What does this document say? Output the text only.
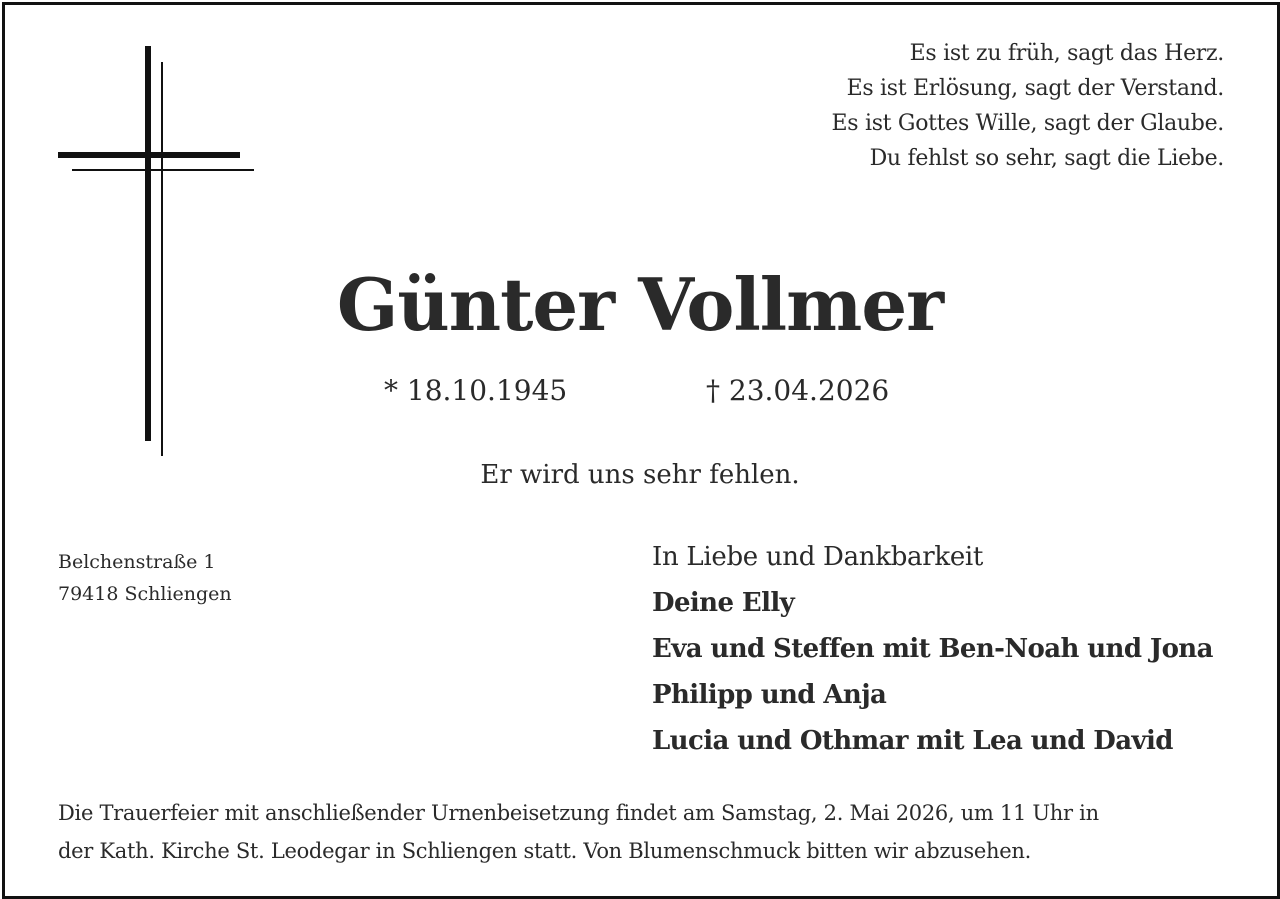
Es ist zu früh, sagt das Herz.
Es ist Erlösung, sagt der Verstand.
Es ist Gottes Wille, sagt der Glaube.
Du fehlst so sehr, sagt die Liebe.
Günter Vollmer
* 18.10.1945	† 23.04.2026
Er wird uns sehr fehlen.
Belchenstraße 1
79418 Schliengen
In Liebe und Dankbarkeit
Deine Elly
Eva und Steffen mit Ben-Noah und Jona
Philipp und Anja
Lucia und Othmar mit Lea und David
Die Trauerfeier mit anschließender Urnenbeisetzung findet am Samstag, 2. Mai 2026, um 11 Uhr in
der Kath. Kirche St. Leodegar in Schliengen statt. Von Blumenschmuck bitten wir abzusehen.
